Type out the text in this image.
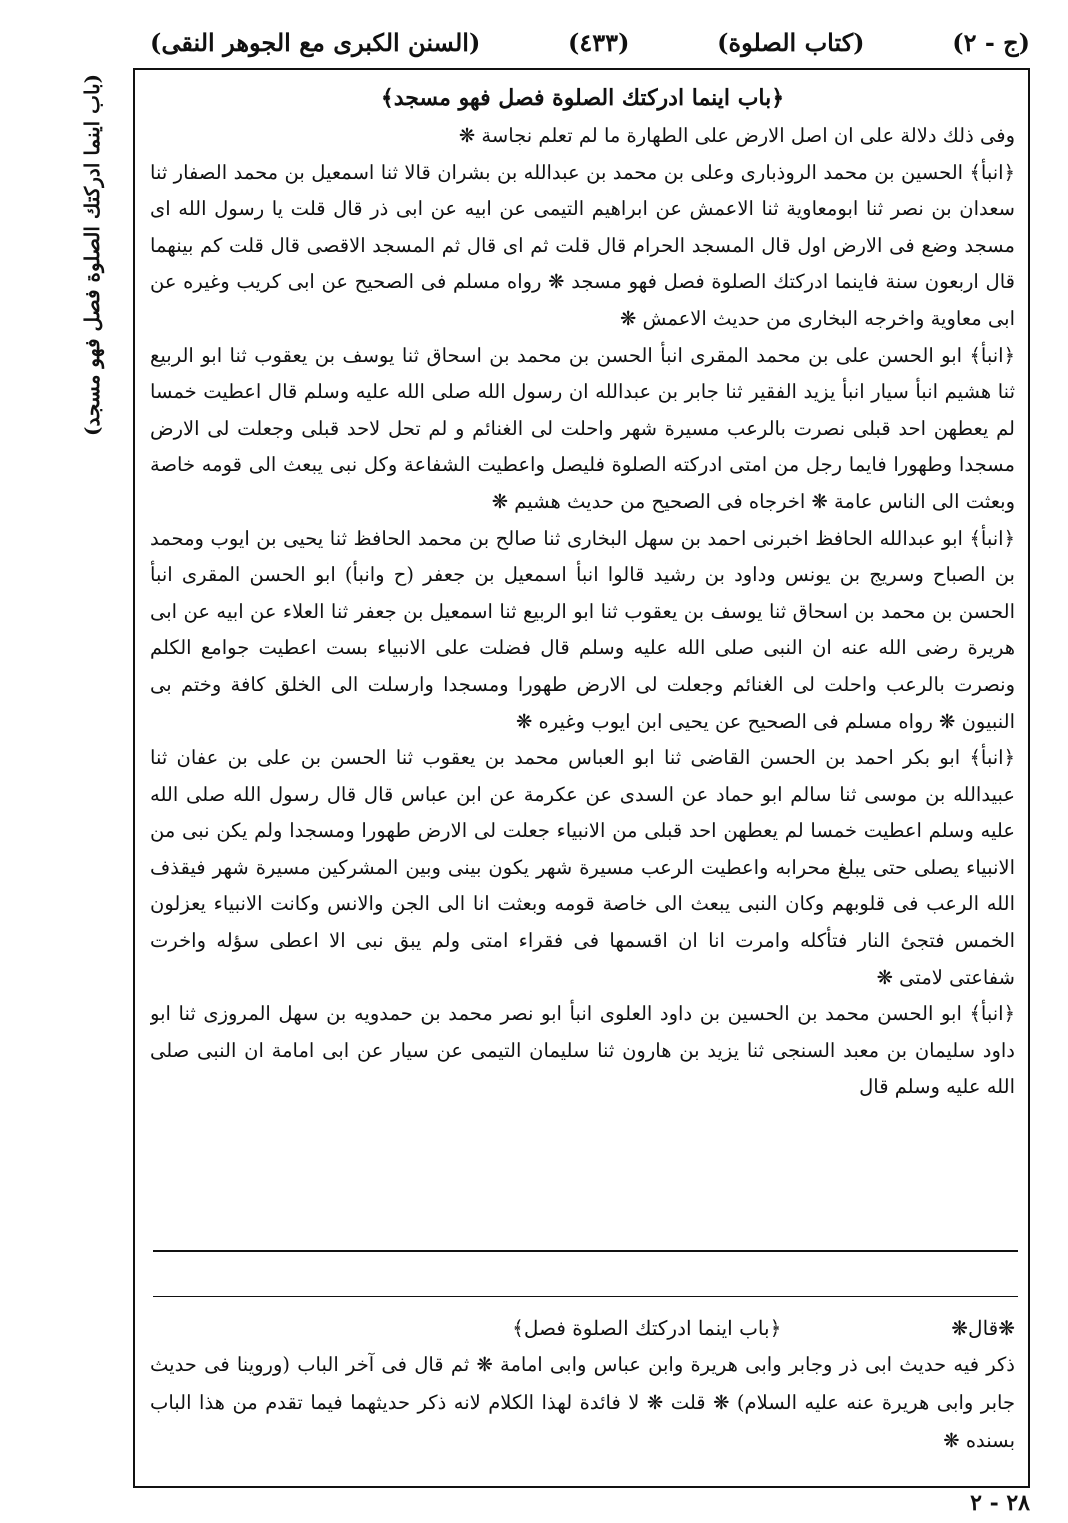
(السنن الكبرى مع الجوهر النقى)	(٤٣٣)	(كتاب الصلوة)	(ج - ٢)
(باب اينما ادركتك الصلوة فصل فهو مسجد)	﴿باب اينما ادركتك الصلوة فصل فهو مسجد﴾

وفى ذلك دلالة على ان اصل الارض على الطهارة ما لم تعلم نجاسة ❋

﴿انبأ﴾ الحسين بن محمد الروذبارى وعلى بن محمد بن عبدالله بن بشران قالا ثنا اسمعيل بن محمد الصفار ثنا سعدان بن نصر ثنا ابومعاوية ثنا الاعمش عن ابراهيم التيمى عن ابيه عن ابى ذر قال قلت يا رسول الله اى مسجد وضع فى الارض اول قال المسجد الحرام قال قلت ثم اى قال ثم المسجد الاقصى قال قلت كم بينهما قال اربعون سنة فاينما ادركتك الصلوة فصل فهو مسجد ❋ رواه مسلم فى الصحيح عن ابى كريب وغيره عن ابى معاوية واخرجه البخارى من حديث الاعمش ❋

﴿انبأ﴾ ابو الحسن على بن محمد المقرى انبأ الحسن بن محمد بن اسحاق ثنا يوسف بن يعقوب ثنا ابو الربيع ثنا هشيم انبأ سيار انبأ يزيد الفقير ثنا جابر بن عبدالله ان رسول الله صلى الله عليه وسلم قال اعطيت خمسا لم يعطهن احد قبلى نصرت بالرعب مسيرة شهر واحلت لى الغنائم و لم تحل لاحد قبلى وجعلت لى الارض مسجدا وطهورا فايما رجل من امتى ادركته الصلوة فليصل واعطيت الشفاعة وكل نبى يبعث الى قومه خاصة وبعثت الى الناس عامة ❋ اخرجاه فى الصحيح من حديث هشيم ❋

﴿انبأ﴾ ابو عبدالله الحافظ اخبرنى احمد بن سهل البخارى ثنا صالح بن محمد الحافظ ثنا يحيى بن ايوب ومحمد بن الصباح وسريج بن يونس وداود بن رشيد قالوا انبأ اسمعيل بن جعفر (ح وانبأ) ابو الحسن المقرى انبأ الحسن بن محمد بن اسحاق ثنا يوسف بن يعقوب ثنا ابو الربيع ثنا اسمعيل بن جعفر ثنا العلاء عن ابيه عن ابى هريرة رضى الله عنه ان النبى صلى الله عليه وسلم قال فضلت على الانبياء بست اعطيت جوامع الكلم ونصرت بالرعب واحلت لى الغنائم وجعلت لى الارض طهورا ومسجدا وارسلت الى الخلق كافة وختم بى النبيون ❋ رواه مسلم فى الصحيح عن يحيى ابن ايوب وغيره ❋

﴿انبأ﴾ ابو بكر احمد بن الحسن القاضى ثنا ابو العباس محمد بن يعقوب ثنا الحسن بن على بن عفان ثنا عبيدالله بن موسى ثنا سالم ابو حماد عن السدى عن عكرمة عن ابن عباس قال قال رسول الله صلى الله عليه وسلم اعطيت خمسا لم يعطهن احد قبلى من الانبياء جعلت لى الارض طهورا ومسجدا ولم يكن نبى من الانبياء يصلى حتى يبلغ محرابه واعطيت الرعب مسيرة شهر يكون بينى وبين المشركين مسيرة شهر فيقذف الله الرعب فى قلوبهم وكان النبى يبعث الى خاصة قومه وبعثت انا الى الجن والانس وكانت الانبياء يعزلون الخمس فتجئ النار فتأكله وامرت انا ان اقسمها فى فقراء امتى ولم يبق نبى الا اعطى سؤله واخرت شفاعتى لامتى ❋

﴿انبأ﴾ ابو الحسن محمد بن الحسين بن داود العلوى انبأ ابو نصر محمد بن حمدويه بن سهل المروزى ثنا ابو داود سليمان بن معبد السنجى ثنا يزيد بن هارون ثنا سليمان التيمى عن سيار عن ابى امامة ان النبى صلى الله عليه وسلم قال

❋قال❋
﴿باب اينما ادركتك الصلوة فصل﴾

ذكر فيه حديث ابى ذر وجابر وابى هريرة وابن عباس وابى امامة ❋ ثم قال فى آخر الباب (وروينا فى حديث جابر وابى هريرة عنه عليه السلام) ❋ قلت ❋ لا فائدة لهذا الكلام لانه ذكر حديثهما فيما تقدم من هذا الباب بسنده ❋

٢٨ - ٢
